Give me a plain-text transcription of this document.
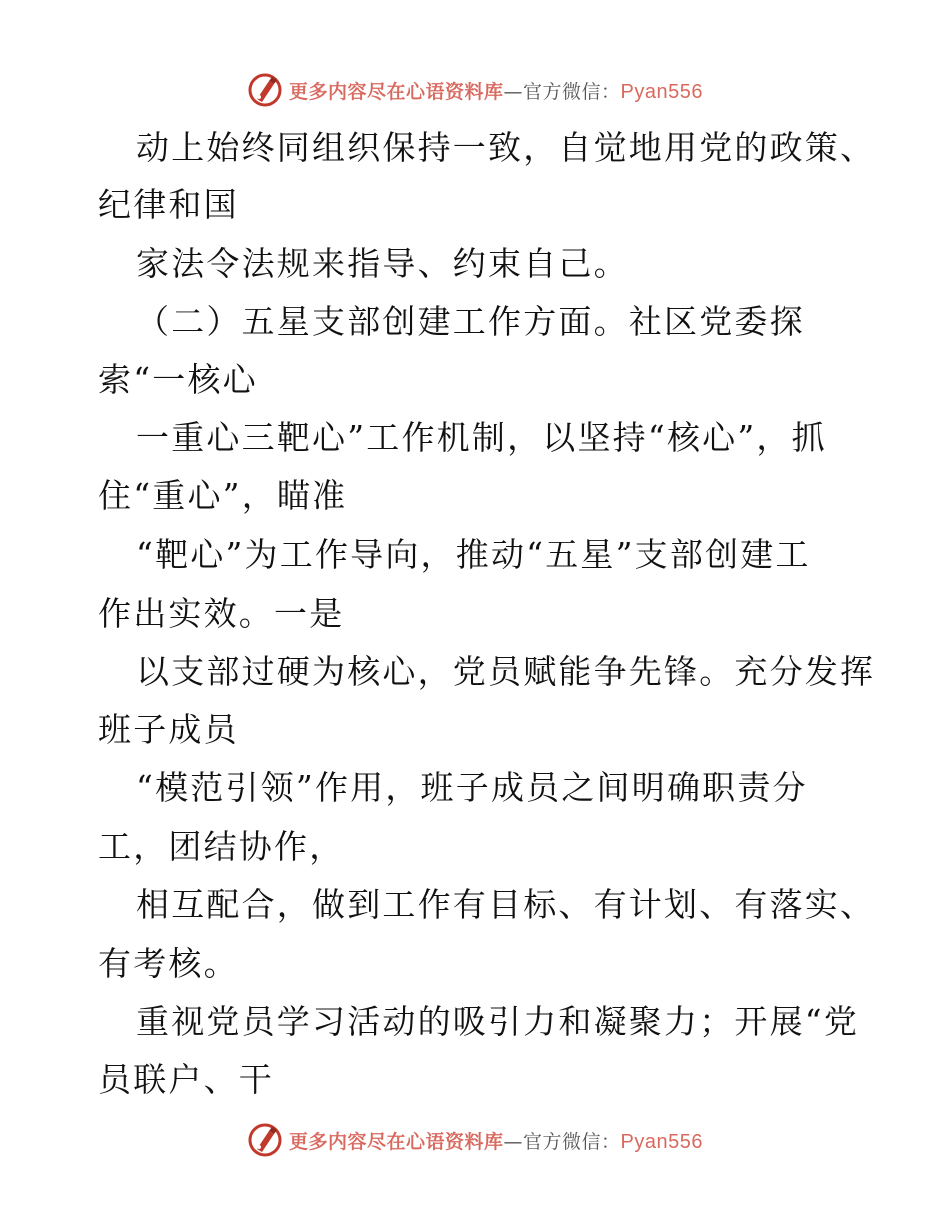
更多内容尽在心语资料库 —官方微信： Pyan556
动上始终同组织保持一致，自觉地用党的政策、
纪律和国
家法令法规来指导、约束自己。
（二）五星支部创建工作方面。社区党委探
索“一核心
一重心三靶心”工作机制，以坚持“核心”，抓
住“重心”，瞄准
“靶心”为工作导向，推动“五星”支部创建工
作出实效。一是
以支部过硬为核心，党员赋能争先锋。充分发挥
班子成员
“模范引领”作用，班子成员之间明确职责分
工，团结协作，
相互配合，做到工作有目标、有计划、有落实、
有考核。
重视党员学习活动的吸引力和凝聚力；开展“党
员联户、干
更多内容尽在心语资料库 —官方微信： Pyan556
